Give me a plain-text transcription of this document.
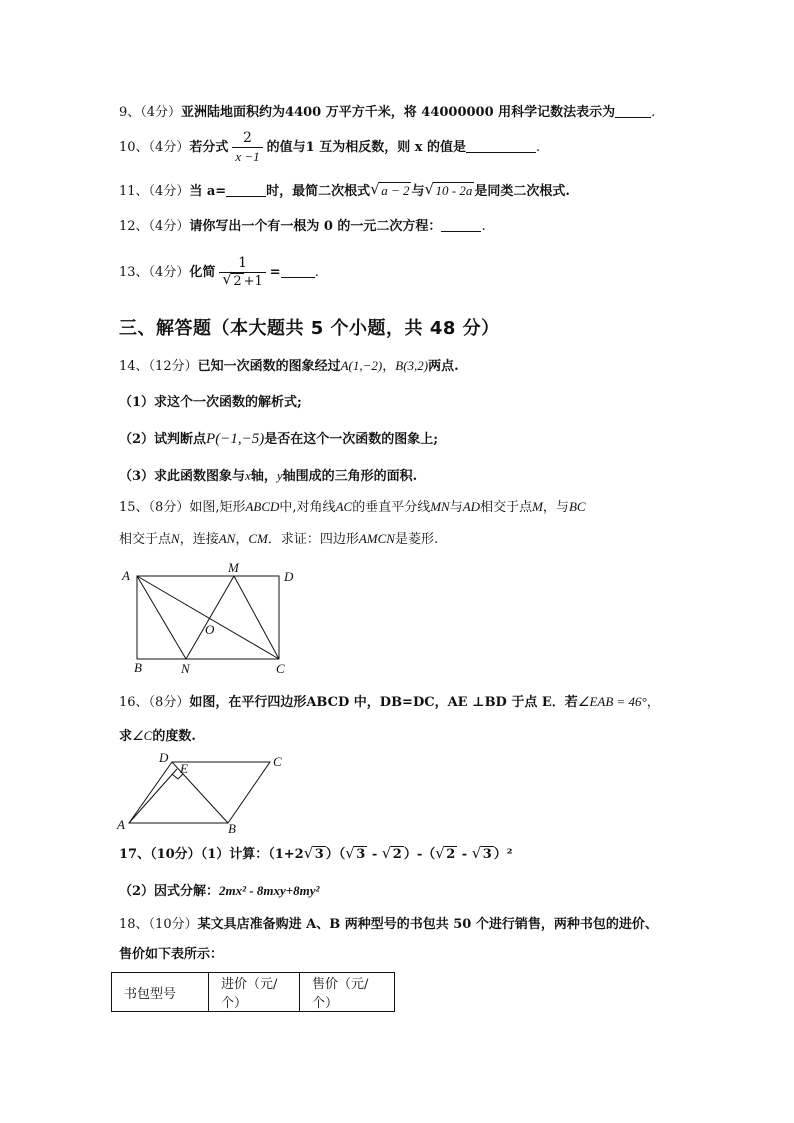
9、（4分）亚洲陆地面积约为4400 万平方千米，将 44000000 用科学记数法表示为	.
10、（4分）若分式 $\frac{2}{x -1}$ 的值与1 互为相反数，则 x 的值是	.
11、（4分）当 a=	时，最简二次根式 √ a − 2 与 √ 10 - 2a 是同类二次根式.
12、（4分）请你写出一个有一根为 0 的一元二次方程：	.
13、（4分）化简 1
√ 2 +1 =	.
三、解答题（本大题共 5 个小题，共 48 分）
14、（12分）已知一次函数的图象经过A(1,−2)，B(3,2)两点.
（1）求这个一次函数的解析式;
（2）试判断点P(−1,−5)是否在这个一次函数的图象上;
（3）求此函数图象与x轴，y轴围成的三角形的面积.
15、（8分）如图,矩形ABCD中,对角线AC的垂直平分线MN与AD相交于点M，与BC
相交于点N，连接AN，CM．求证：四边形AMCN是菱形.
A
M
D
O
B	N	C
16、（8分）如图，在平行四边形ABCD 中，DB=DC，AE ⊥BD 于点 E．若∠EAB = 46°，
求∠C的度数.
D
E	C
A	B
17、（10分）（1）计算：（1+2 √ 3 ）（ √ 3 - √ 2 ）-（ √ 2 - √ 3 ）²
（2）因式分解：2mx² - 8mxy+8my²
18、（10分）某文具店准备购进 A、B 两种型号的书包共 50 个进行销售，两种书包的进价、
售价如下表所示：
书包型号	进价（元/个）	售价（元/个）
